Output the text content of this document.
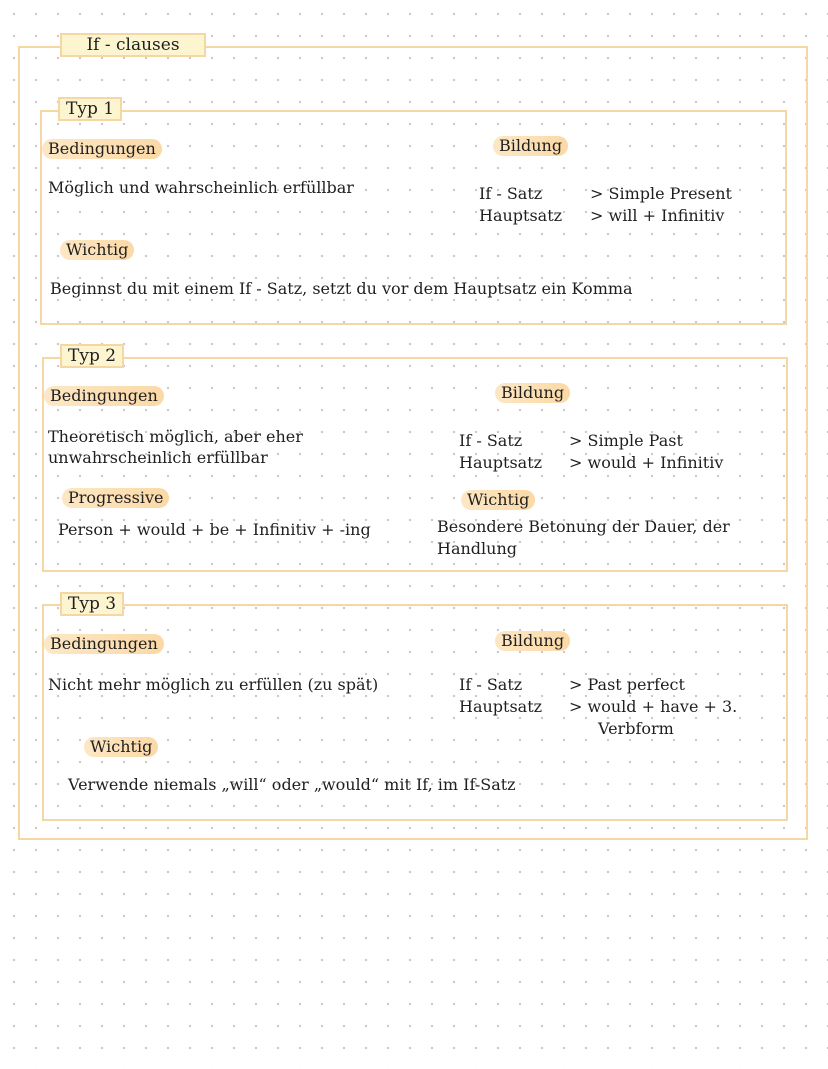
If - clauses
Typ 1
Bedingungen
Möglich und wahrscheinlich erfüllbar
Bildung
If - Satz	> Simple Present
Hauptsatz > will + Infinitiv
Wichtig
Beginnst du mit einem If - Satz, setzt du vor dem Hauptsatz ein Komma
Typ 2
Bedingungen
Theoretisch möglich, aber eher
unwahrscheinlich erfüllbar
Bildung
If - Satz	> Simple Past
Hauptsatz > would + Infinitiv
Progressive
Person + would + be + Infinitiv + -ing
Wichtig
Besondere Betonung der Dauer, der
Handlung
Typ 3
Bedingungen
Nicht mehr möglich zu erfüllen (zu spät)
Bildung
If - Satz	> Past perfect
Hauptsatz > would + have + 3.
Verbform
Wichtig
Verwende niemals „will“ oder „would“ mit If, im If-Satz
